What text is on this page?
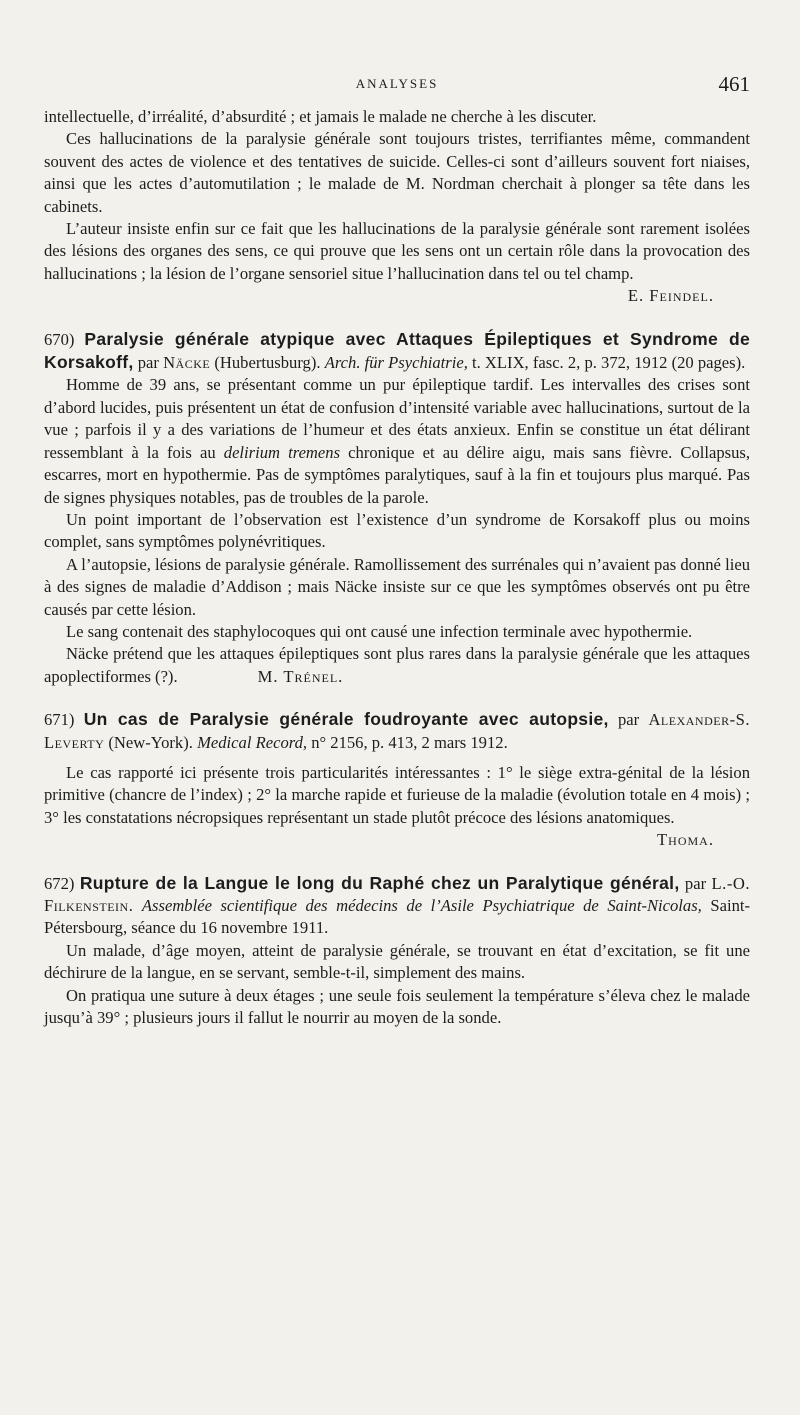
ANALYSES	461

intellectuelle, d’irréalité, d’absurdité ; et jamais le malade ne cherche à les discuter.

Ces hallucinations de la paralysie générale sont toujours tristes, terrifiantes même, commandent souvent des actes de violence et des tentatives de suicide. Celles-ci sont d’ailleurs souvent fort niaises, ainsi que les actes d’automutilation ; le malade de M. Nordman cherchait à plonger sa tête dans les cabinets.

L’auteur insiste enfin sur ce fait que les hallucinations de la paralysie générale sont rarement isolées des lésions des organes des sens, ce qui prouve que les sens ont un certain rôle dans la provocation des hallucinations ; la lésion de l’organe sensoriel situe l’hallucination dans tel ou tel champ.

E. Feindel.

670) Paralysie générale atypique avec Attaques Épileptiques et Syndrome de Korsakoff, par Näcke (Hubertusburg). Arch. für Psychiatrie, t. XLIX, fasc. 2, p. 372, 1912 (20 pages).

Homme de 39 ans, se présentant comme un pur épileptique tardif. Les intervalles des crises sont d’abord lucides, puis présentent un état de confusion d’intensité variable avec hallucinations, surtout de la vue ; parfois il y a des variations de l’humeur et des états anxieux. Enfin se constitue un état délirant ressemblant à la fois au delirium tremens chronique et au délire aigu, mais sans fièvre. Collapsus, escarres, mort en hypothermie. Pas de symptômes paralytiques, sauf à la fin et toujours plus marqué. Pas de signes physiques notables, pas de troubles de la parole.

Un point important de l’observation est l’existence d’un syndrome de Korsakoff plus ou moins complet, sans symptômes polynévritiques.

A l’autopsie, lésions de paralysie générale. Ramollissement des surrénales qui n’avaient pas donné lieu à des signes de maladie d’Addison ; mais Näcke insiste sur ce que les symptômes observés ont pu être causés par cette lésion.

Le sang contenait des staphylocoques qui ont causé une infection terminale avec hypothermie.

Näcke prétend que les attaques épileptiques sont plus rares dans la paralysie générale que les attaques apoplectiformes (?).	M. Trénel.

671) Un cas de Paralysie générale foudroyante avec autopsie, par Alexander-S. Leverty (New-York). Medical Record, n° 2156, p. 413, 2 mars 1912.

Le cas rapporté ici présente trois particularités intéressantes : 1° le siège extra-génital de la lésion primitive (chancre de l’index) ; 2° la marche rapide et furieuse de la maladie (évolution totale en 4 mois) ; 3° les constatations nécropsiques représentant un stade plutôt précoce des lésions anatomiques.

Thoma.

672) Rupture de la Langue le long du Raphé chez un Paralytique général, par L.-O. Filkenstein. Assemblée scientifique des médecins de l’Asile Psychiatrique de Saint-Nicolas, Saint-Pétersbourg, séance du 16 novembre 1911.

Un malade, d’âge moyen, atteint de paralysie générale, se trouvant en état d’excitation, se fit une déchirure de la langue, en se servant, semble-t-il, simplement des mains.

On pratiqua une suture à deux étages ; une seule fois seulement la température s’éleva chez le malade jusqu’à 39° ; plusieurs jours il fallut le nourrir au moyen de la sonde.
